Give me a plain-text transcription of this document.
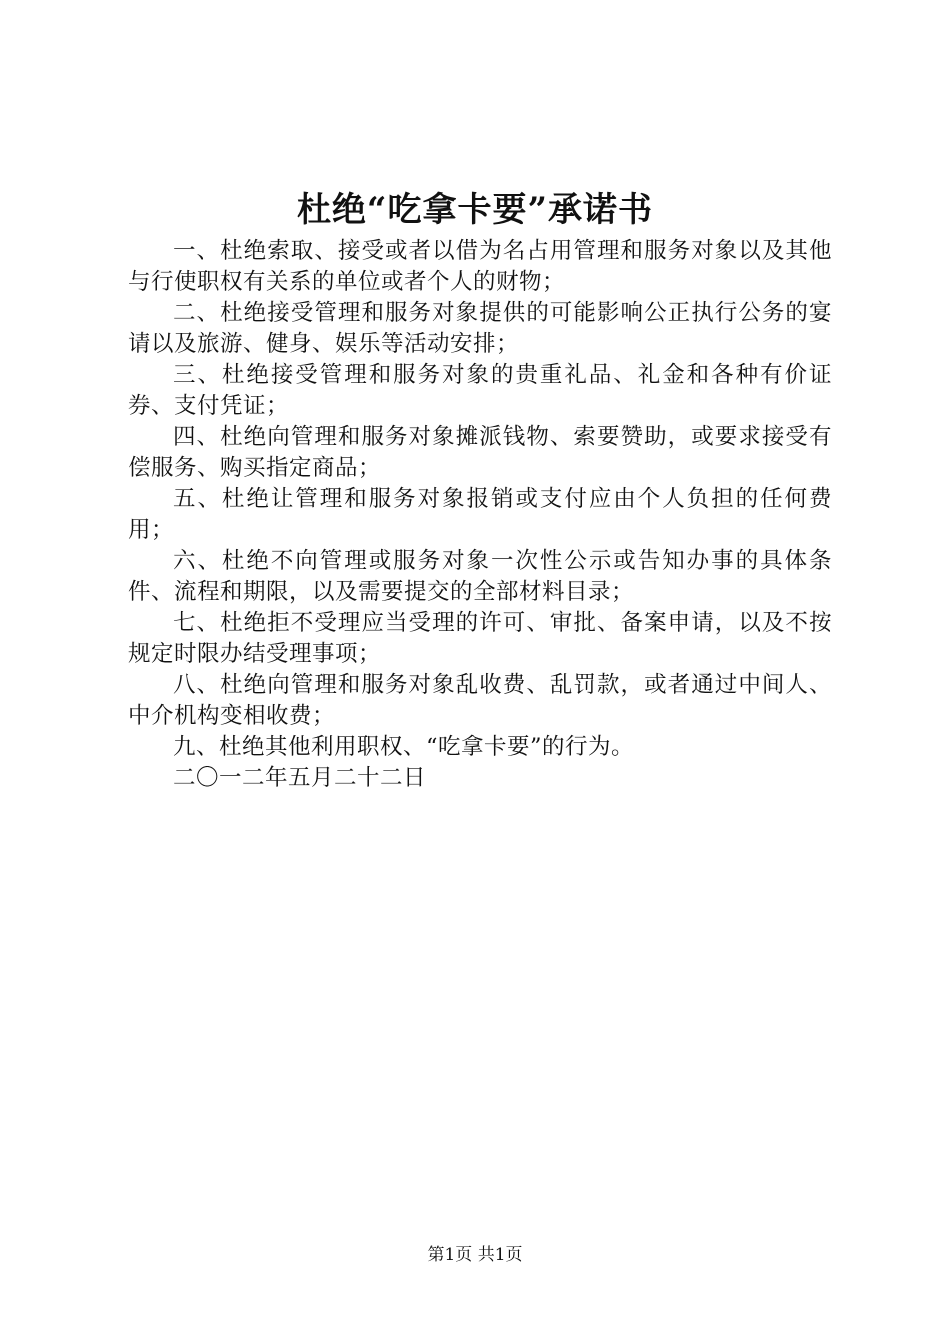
杜绝“吃拿卡要”承诺书

一、杜绝索取、接受或者以借为名占用管理和服务对象以及其他与行使职权有关系的单位或者个人的财物；

二、杜绝接受管理和服务对象提供的可能影响公正执行公务的宴请以及旅游、健身、娱乐等活动安排；

三、杜绝接受管理和服务对象的贵重礼品、礼金和各种有价证券、支付凭证；

四、杜绝向管理和服务对象摊派钱物、索要赞助，或要求接受有偿服务、购买指定商品；

五、杜绝让管理和服务对象报销或支付应由个人负担的任何费用；

六、杜绝不向管理或服务对象一次性公示或告知办事的具体条件、流程和期限，以及需要提交的全部材料目录；

七、杜绝拒不受理应当受理的许可、审批、备案申请，以及不按规定时限办结受理事项；

八、杜绝向管理和服务对象乱收费、乱罚款，或者通过中间人、中介机构变相收费；

九、杜绝其他利用职权、“吃拿卡要”的行为。

二〇一二年五月二十二日

第1页 共1页
